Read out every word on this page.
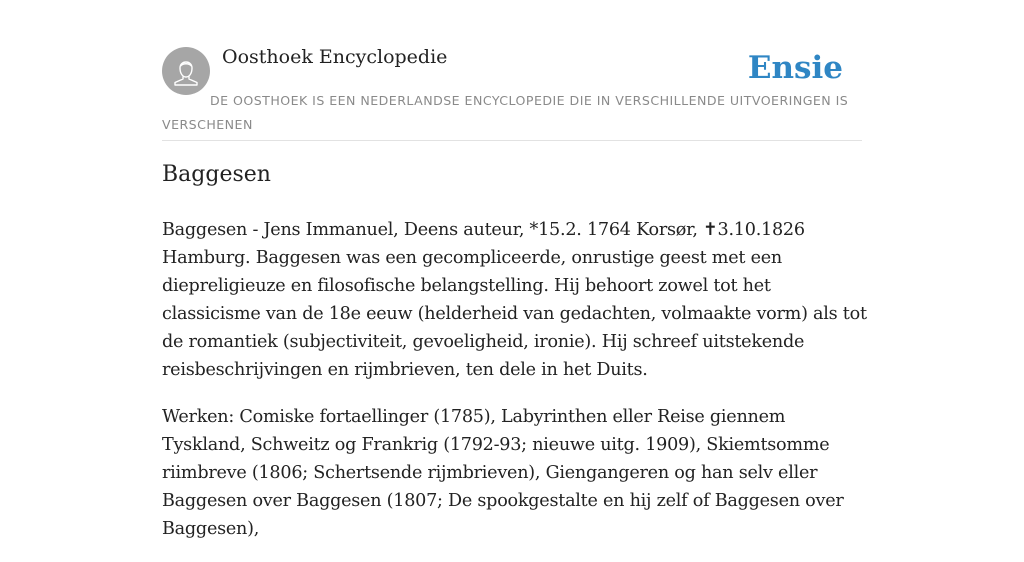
Oosthoek Encyclopedie	Ensie
DE OOSTHOEK IS EEN NEDERLANDSE ENCYCLOPEDIE DIE IN VERSCHILLENDE UITVOERINGEN IS VERSCHENEN
Baggesen

Baggesen - Jens Immanuel, Deens auteur, *15.2. 1764 Korsør, ✝3.10.1826 Hamburg. Baggesen was een gecompliceerde, onrustige geest met een diepreligieuze en filosofische belangstelling. Hij behoort zowel tot het classicisme van de 18e eeuw (helderheid van gedachten, volmaakte vorm) als tot de romantiek (subjectiviteit, gevoeligheid, ironie). Hij schreef uitstekende reisbeschrijvingen en rijmbrieven, ten dele in het Duits.

Werken: Comiske fortaellinger (1785), Labyrinthen eller Reise giennem Tyskland, Schweitz og Frankrig (1792-93; nieuwe uitg. 1909), Skiemtsomme riimbreve (1806; Schertsende rijmbrieven), Giengangeren og han selv eller Baggesen over Baggesen (1807; De spookgestalte en hij zelf of Baggesen over Baggesen),
